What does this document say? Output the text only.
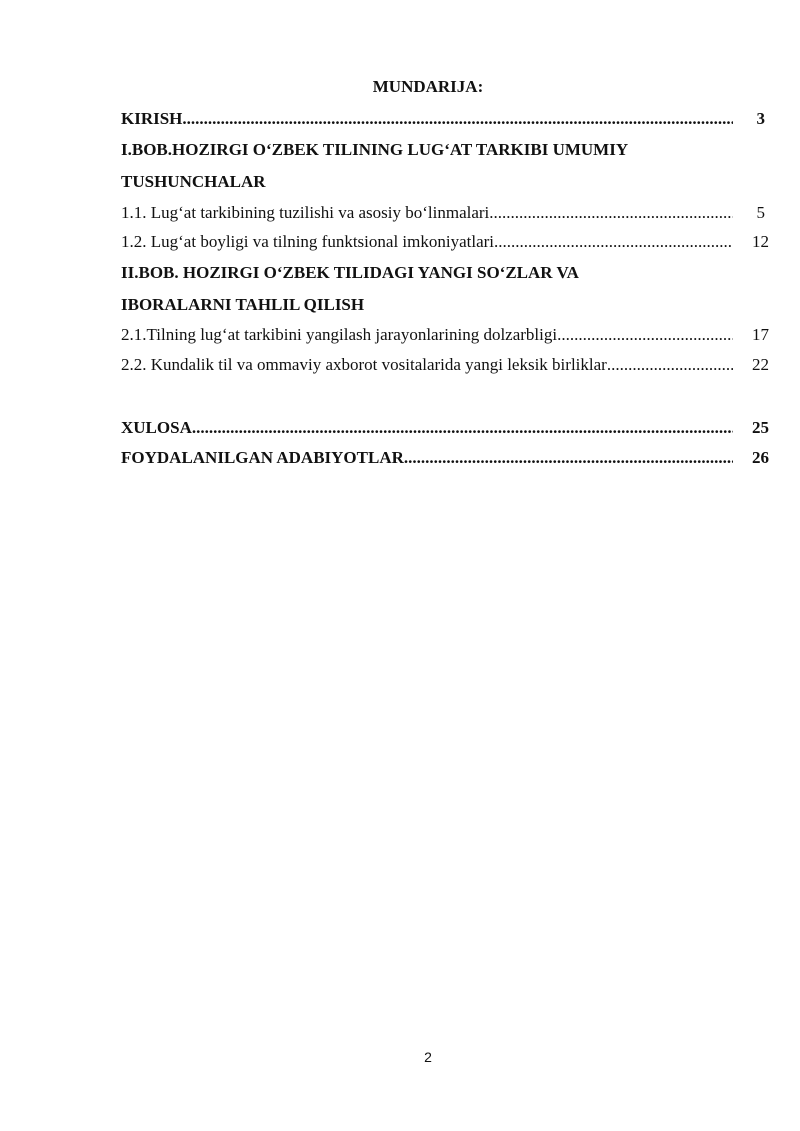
MUNDARIJA:
KIRISH .....	3
I.BOB.HOZIRGI O‘ZBEK TILINING LUG‘AT TARKIBI UMUMIY
TUSHUNCHALAR
1.1. Lug‘at tarkibining tuzilishi va asosiy bo‘linmalari .....	5
1.2. Lug‘at boyligi va tilning funktsional imkoniyatlari .....	12
II.BOB. HOZIRGI O‘ZBEK TILIDAGI YANGI SO‘ZLAR VA
IBORALARNI TAHLIL QILISH
2.1.Tilning lug‘at tarkibini yangilash jarayonlarining dolzarbligi .....	17
2.2. Kundalik til va ommaviy axborot vositalarida yangi leksik birliklar .....	22
XULOSA .....	25
FOYDALANILGAN ADABIYOTLAR .....	26
2
